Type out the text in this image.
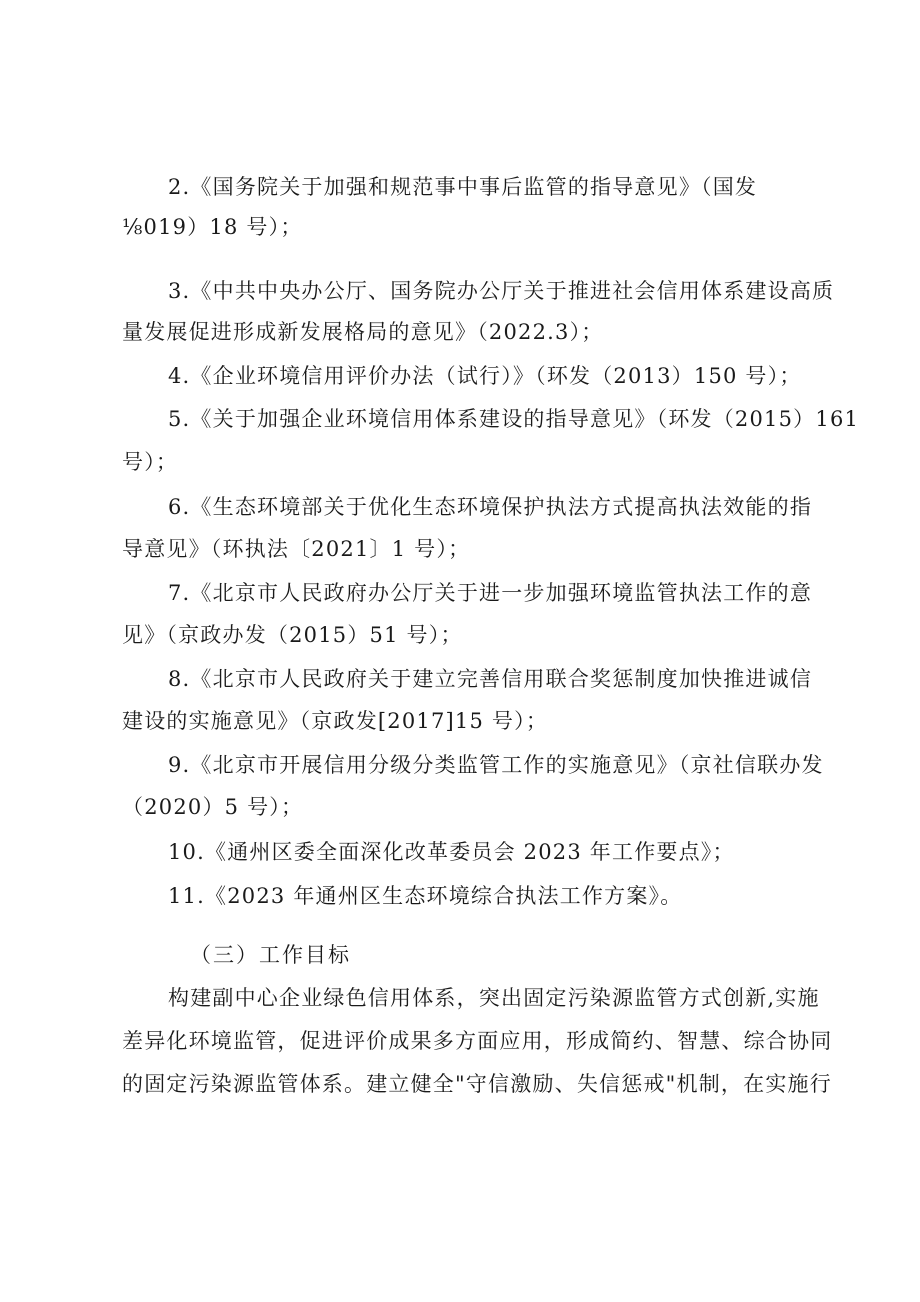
2.《国务院关于加强和规范事中事后监管的指导意见》（国发
⅛019）18 号）；
3.《中共中央办公厅、国务院办公厅关于推进社会信用体系建设高质
量发展促进形成新发展格局的意见》（2022.3）；
4.《企业环境信用评价办法（试行）》（环发（2013）150 号）；
5.《关于加强企业环境信用体系建设的指导意见》（环发（2015）161
号）；
6.《生态环境部关于优化生态环境保护执法方式提高执法效能的指
导意见》（环执法〔2021〕1 号）；
7.《北京市人民政府办公厅关于进一步加强环境监管执法工作的意
见》（京政办发（2015）51 号）；
8.《北京市人民政府关于建立完善信用联合奖惩制度加快推进诚信
建设的实施意见》（京政发[2017]15 号）；
9.《北京市开展信用分级分类监管工作的实施意见》（京社信联办发
（2020）5 号）；
10.《通州区委全面深化改革委员会 2023 年工作要点》；
11.《2023 年通州区生态环境综合执法工作方案》。
（三）工作目标
构建副中心企业绿色信用体系，突出固定污染源监管方式创新,实施
差异化环境监管，促进评价成果多方面应用，形成简约、智慧、综合协同
的固定污染源监管体系。建立健全"守信激励、失信惩戒"机制，在实施行
